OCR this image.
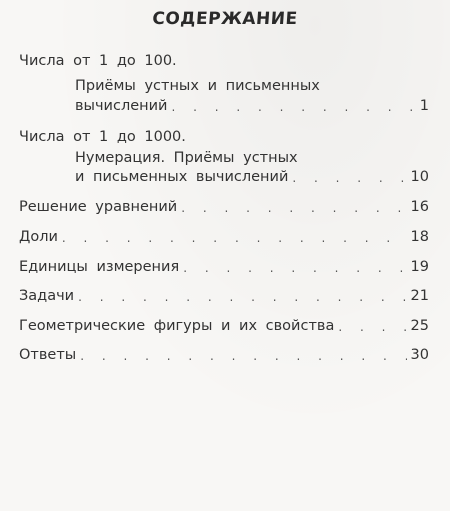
СОДЕРЖАНИЕ
Числа от 1 до 100.
Приёмы устных и письменных
вычислений . . .	1
Числа от 1 до 1000.
Нумерация. Приёмы устных
и письменных вычислений . . .	10
Решение уравнений . . .	16
Доли . . .	18
Единицы измерения . . .	19
Задачи . . .	21
Геометрические фигуры и их свойства . . .	25
Ответы . . .	30
